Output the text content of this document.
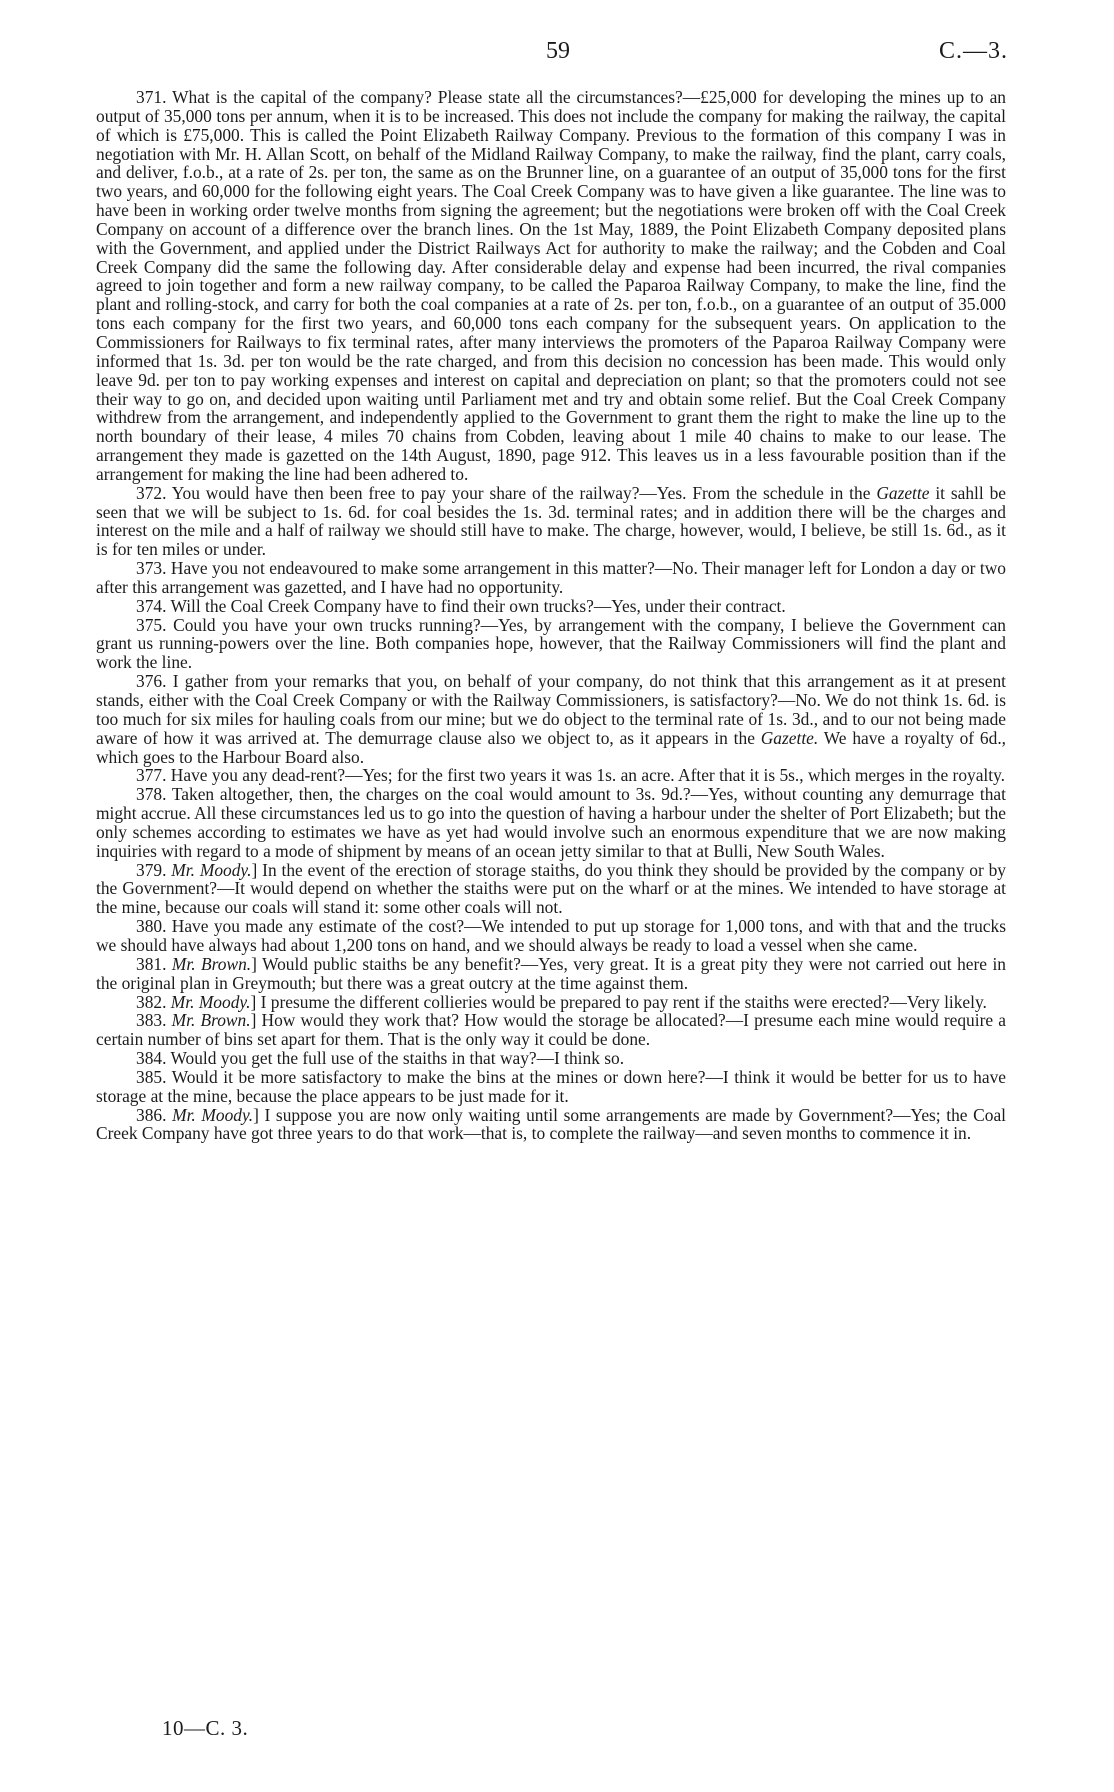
59	C.—3.

371. What is the capital of the company? Please state all the circumstances?—£25,000 for developing the mines up to an output of 35,000 tons per annum, when it is to be increased. This does not include the company for making the railway, the capital of which is £75,000. This is called the Point Elizabeth Railway Company. Previous to the formation of this company I was in negotiation with Mr. H. Allan Scott, on behalf of the Midland Railway Company, to make the railway, find the plant, carry coals, and deliver, f.o.b., at a rate of 2s. per ton, the same as on the Brunner line, on a guarantee of an output of 35,000 tons for the first two years, and 60,000 for the following eight years. The Coal Creek Company was to have given a like guarantee. The line was to have been in working order twelve months from signing the agreement; but the negotiations were broken off with the Coal Creek Company on account of a difference over the branch lines. On the 1st May, 1889, the Point Elizabeth Company deposited plans with the Government, and applied under the District Railways Act for authority to make the railway; and the Cobden and Coal Creek Company did the same the following day. After considerable delay and expense had been incurred, the rival companies agreed to join together and form a new railway company, to be called the Paparoa Railway Company, to make the line, find the plant and rolling-stock, and carry for both the coal companies at a rate of 2s. per ton, f.o.b., on a guarantee of an output of 35.000 tons each company for the first two years, and 60,000 tons each company for the subsequent years. On application to the Commissioners for Railways to fix terminal rates, after many interviews the promoters of the Paparoa Railway Company were informed that 1s. 3d. per ton would be the rate charged, and from this decision no concession has been made. This would only leave 9d. per ton to pay working expenses and interest on capital and depreciation on plant; so that the promoters could not see their way to go on, and decided upon waiting until Parliament met and try and obtain some relief. But the Coal Creek Company withdrew from the arrangement, and independently applied to the Government to grant them the right to make the line up to the north boundary of their lease, 4 miles 70 chains from Cobden, leaving about 1 mile 40 chains to make to our lease. The arrangement they made is gazetted on the 14th August, 1890, page 912. This leaves us in a less favourable position than if the arrangement for making the line had been adhered to.

372. You would have then been free to pay your share of the railway?—Yes. From the schedule in the Gazette it sahll be seen that we will be subject to 1s. 6d. for coal besides the 1s. 3d. terminal rates; and in addition there will be the charges and interest on the mile and a half of railway we should still have to make. The charge, however, would, I believe, be still 1s. 6d., as it is for ten miles or under.

373. Have you not endeavoured to make some arrangement in this matter?—No. Their manager left for London a day or two after this arrangement was gazetted, and I have had no opportunity.

374. Will the Coal Creek Company have to find their own trucks?—Yes, under their contract.

375. Could you have your own trucks running?—Yes, by arrangement with the company, I believe the Government can grant us running-powers over the line. Both companies hope, however, that the Railway Commissioners will find the plant and work the line.

376. I gather from your remarks that you, on behalf of your company, do not think that this arrangement as it at present stands, either with the Coal Creek Company or with the Railway Commissioners, is satisfactory?—No. We do not think 1s. 6d. is too much for six miles for hauling coals from our mine; but we do object to the terminal rate of 1s. 3d., and to our not being made aware of how it was arrived at. The demurrage clause also we object to, as it appears in the Gazette. We have a royalty of 6d., which goes to the Harbour Board also.

377. Have you any dead-rent?—Yes; for the first two years it was 1s. an acre. After that it is 5s., which merges in the royalty.

378. Taken altogether, then, the charges on the coal would amount to 3s. 9d.?—Yes, without counting any demurrage that might accrue. All these circumstances led us to go into the question of having a harbour under the shelter of Port Elizabeth; but the only schemes according to estimates we have as yet had would involve such an enormous expenditure that we are now making inquiries with regard to a mode of shipment by means of an ocean jetty similar to that at Bulli, New South Wales.

379. Mr. Moody.] In the event of the erection of storage staiths, do you think they should be provided by the company or by the Government?—It would depend on whether the staiths were put on the wharf or at the mines. We intended to have storage at the mine, because our coals will stand it: some other coals will not.

380. Have you made any estimate of the cost?—We intended to put up storage for 1,000 tons, and with that and the trucks we should have always had about 1,200 tons on hand, and we should always be ready to load a vessel when she came.

381. Mr. Brown.] Would public staiths be any benefit?—Yes, very great. It is a great pity they were not carried out here in the original plan in Greymouth; but there was a great outcry at the time against them.

382. Mr. Moody.] I presume the different collieries would be prepared to pay rent if the staiths were erected?—Very likely.

383. Mr. Brown.] How would they work that? How would the storage be allocated?—I presume each mine would require a certain number of bins set apart for them. That is the only way it could be done.

384. Would you get the full use of the staiths in that way?—I think so.

385. Would it be more satisfactory to make the bins at the mines or down here?—I think it would be better for us to have storage at the mine, because the place appears to be just made for it.

386. Mr. Moody.] I suppose you are now only waiting until some arrangements are made by Government?—Yes; the Coal Creek Company have got three years to do that work—that is, to complete the railway—and seven months to commence it in.

10—C. 3.
